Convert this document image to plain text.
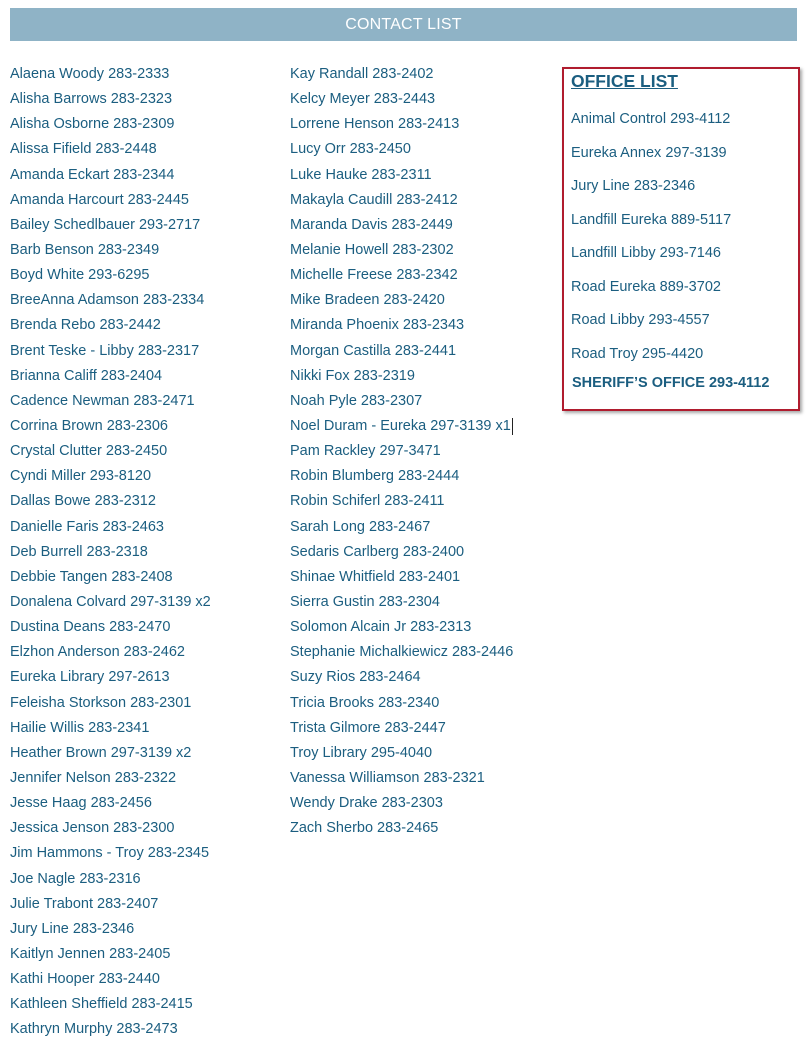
CONTACT LIST
Alaena Woody 283-2333
Alisha Barrows 283-2323
Alisha Osborne 283-2309
Alissa Fifield 283-2448
Amanda Eckart 283-2344
Amanda Harcourt 283-2445
Bailey Schedlbauer 293-2717
Barb Benson 283-2349
Boyd White 293-6295
BreeAnna Adamson 283-2334
Brenda Rebo 283-2442
Brent Teske - Libby 283-2317
Brianna Califf 283-2404
Cadence Newman 283-2471
Corrina Brown 283-2306
Crystal Clutter 283-2450
Cyndi Miller 293-8120
Dallas Bowe 283-2312
Danielle Faris 283-2463
Deb Burrell 283-2318
Debbie Tangen 283-2408
Donalena Colvard 297-3139 x2
Dustina Deans 283-2470
Elzhon Anderson 283-2462
Eureka Library 297-2613
Feleisha Storkson 283-2301
Hailie Willis 283-2341
Heather Brown 297-3139 x2
Jennifer Nelson 283-2322
Jesse Haag 283-2456
Jessica Jenson 283-2300
Jim Hammons - Troy 283-2345
Joe Nagle 283-2316
Julie Trabont 283-2407
Jury Line 283-2346
Kaitlyn Jennen 283-2405
Kathi Hooper 283-2440
Kathleen Sheffield 283-2415
Kathryn Murphy 283-2473
Kay Randall 283-2402
Kelcy Meyer 283-2443
Lorrene Henson 283-2413
Lucy Orr 283-2450
Luke Hauke 283-2311
Makayla Caudill 283-2412
Maranda Davis 283-2449
Melanie Howell 283-2302
Michelle Freese 283-2342
Mike Bradeen 283-2420
Miranda Phoenix 283-2343
Morgan Castilla 283-2441
Nikki Fox 283-2319
Noah Pyle 283-2307
Noel Duram - Eureka 297-3139 x1
Pam Rackley 297-3471
Robin Blumberg 283-2444
Robin Schiferl 283-2411
Sarah Long 283-2467
Sedaris Carlberg 283-2400
Shinae Whitfield 283-2401
Sierra Gustin 283-2304
Solomon Alcain Jr 283-2313
Stephanie Michalkiewicz 283-2446
Suzy Rios 283-2464
Tricia Brooks 283-2340
Trista Gilmore 283-2447
Troy Library 295-4040
Vanessa Williamson 283-2321
Wendy Drake 283-2303
Zach Sherbo 283-2465
OFFICE LIST
Animal Control 293-4112
Eureka Annex 297-3139
Jury Line 283-2346
Landfill Eureka 889-5117
Landfill Libby 293-7146
Road Eureka 889-3702
Road Libby 293-4557
Road Troy 295-4420
SHERIFF’S OFFICE 293-4112
